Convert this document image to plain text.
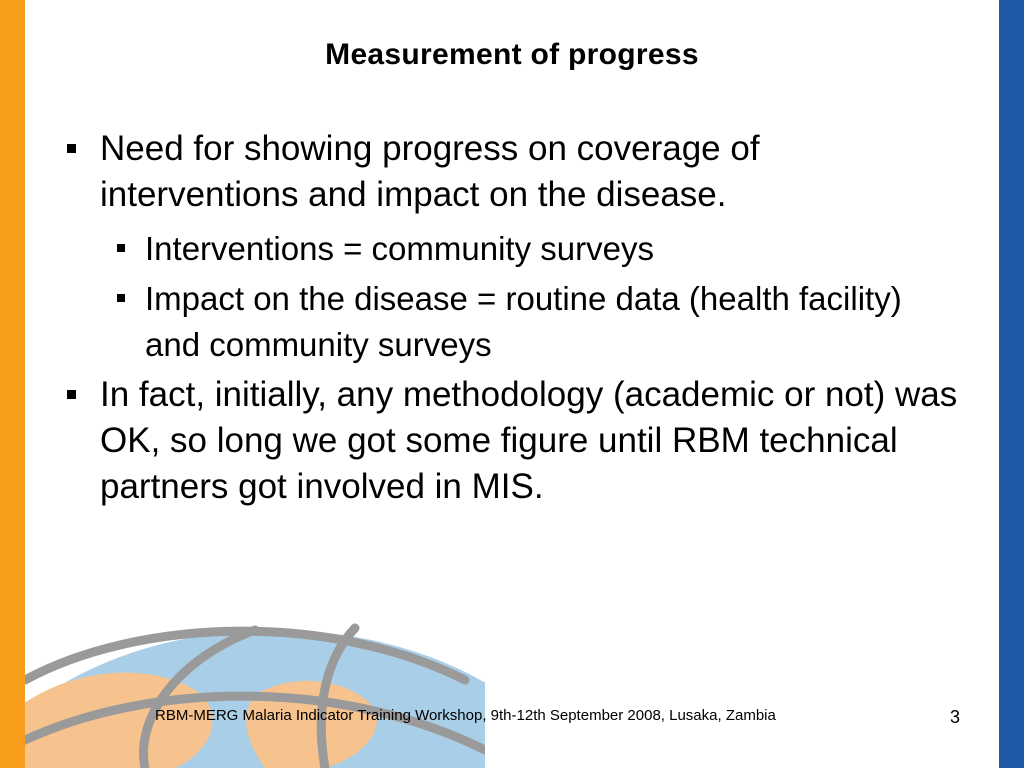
Measurement of progress
Need for showing progress on coverage of interventions and impact on the disease.
Interventions = community surveys
Impact on the disease = routine data (health facility) and community surveys
In fact, initially, any methodology (academic or not) was OK, so long we got some figure until RBM technical partners got involved in MIS.
RBM-MERG Malaria Indicator Training Workshop, 9th-12th September 2008, Lusaka, Zambia	3
